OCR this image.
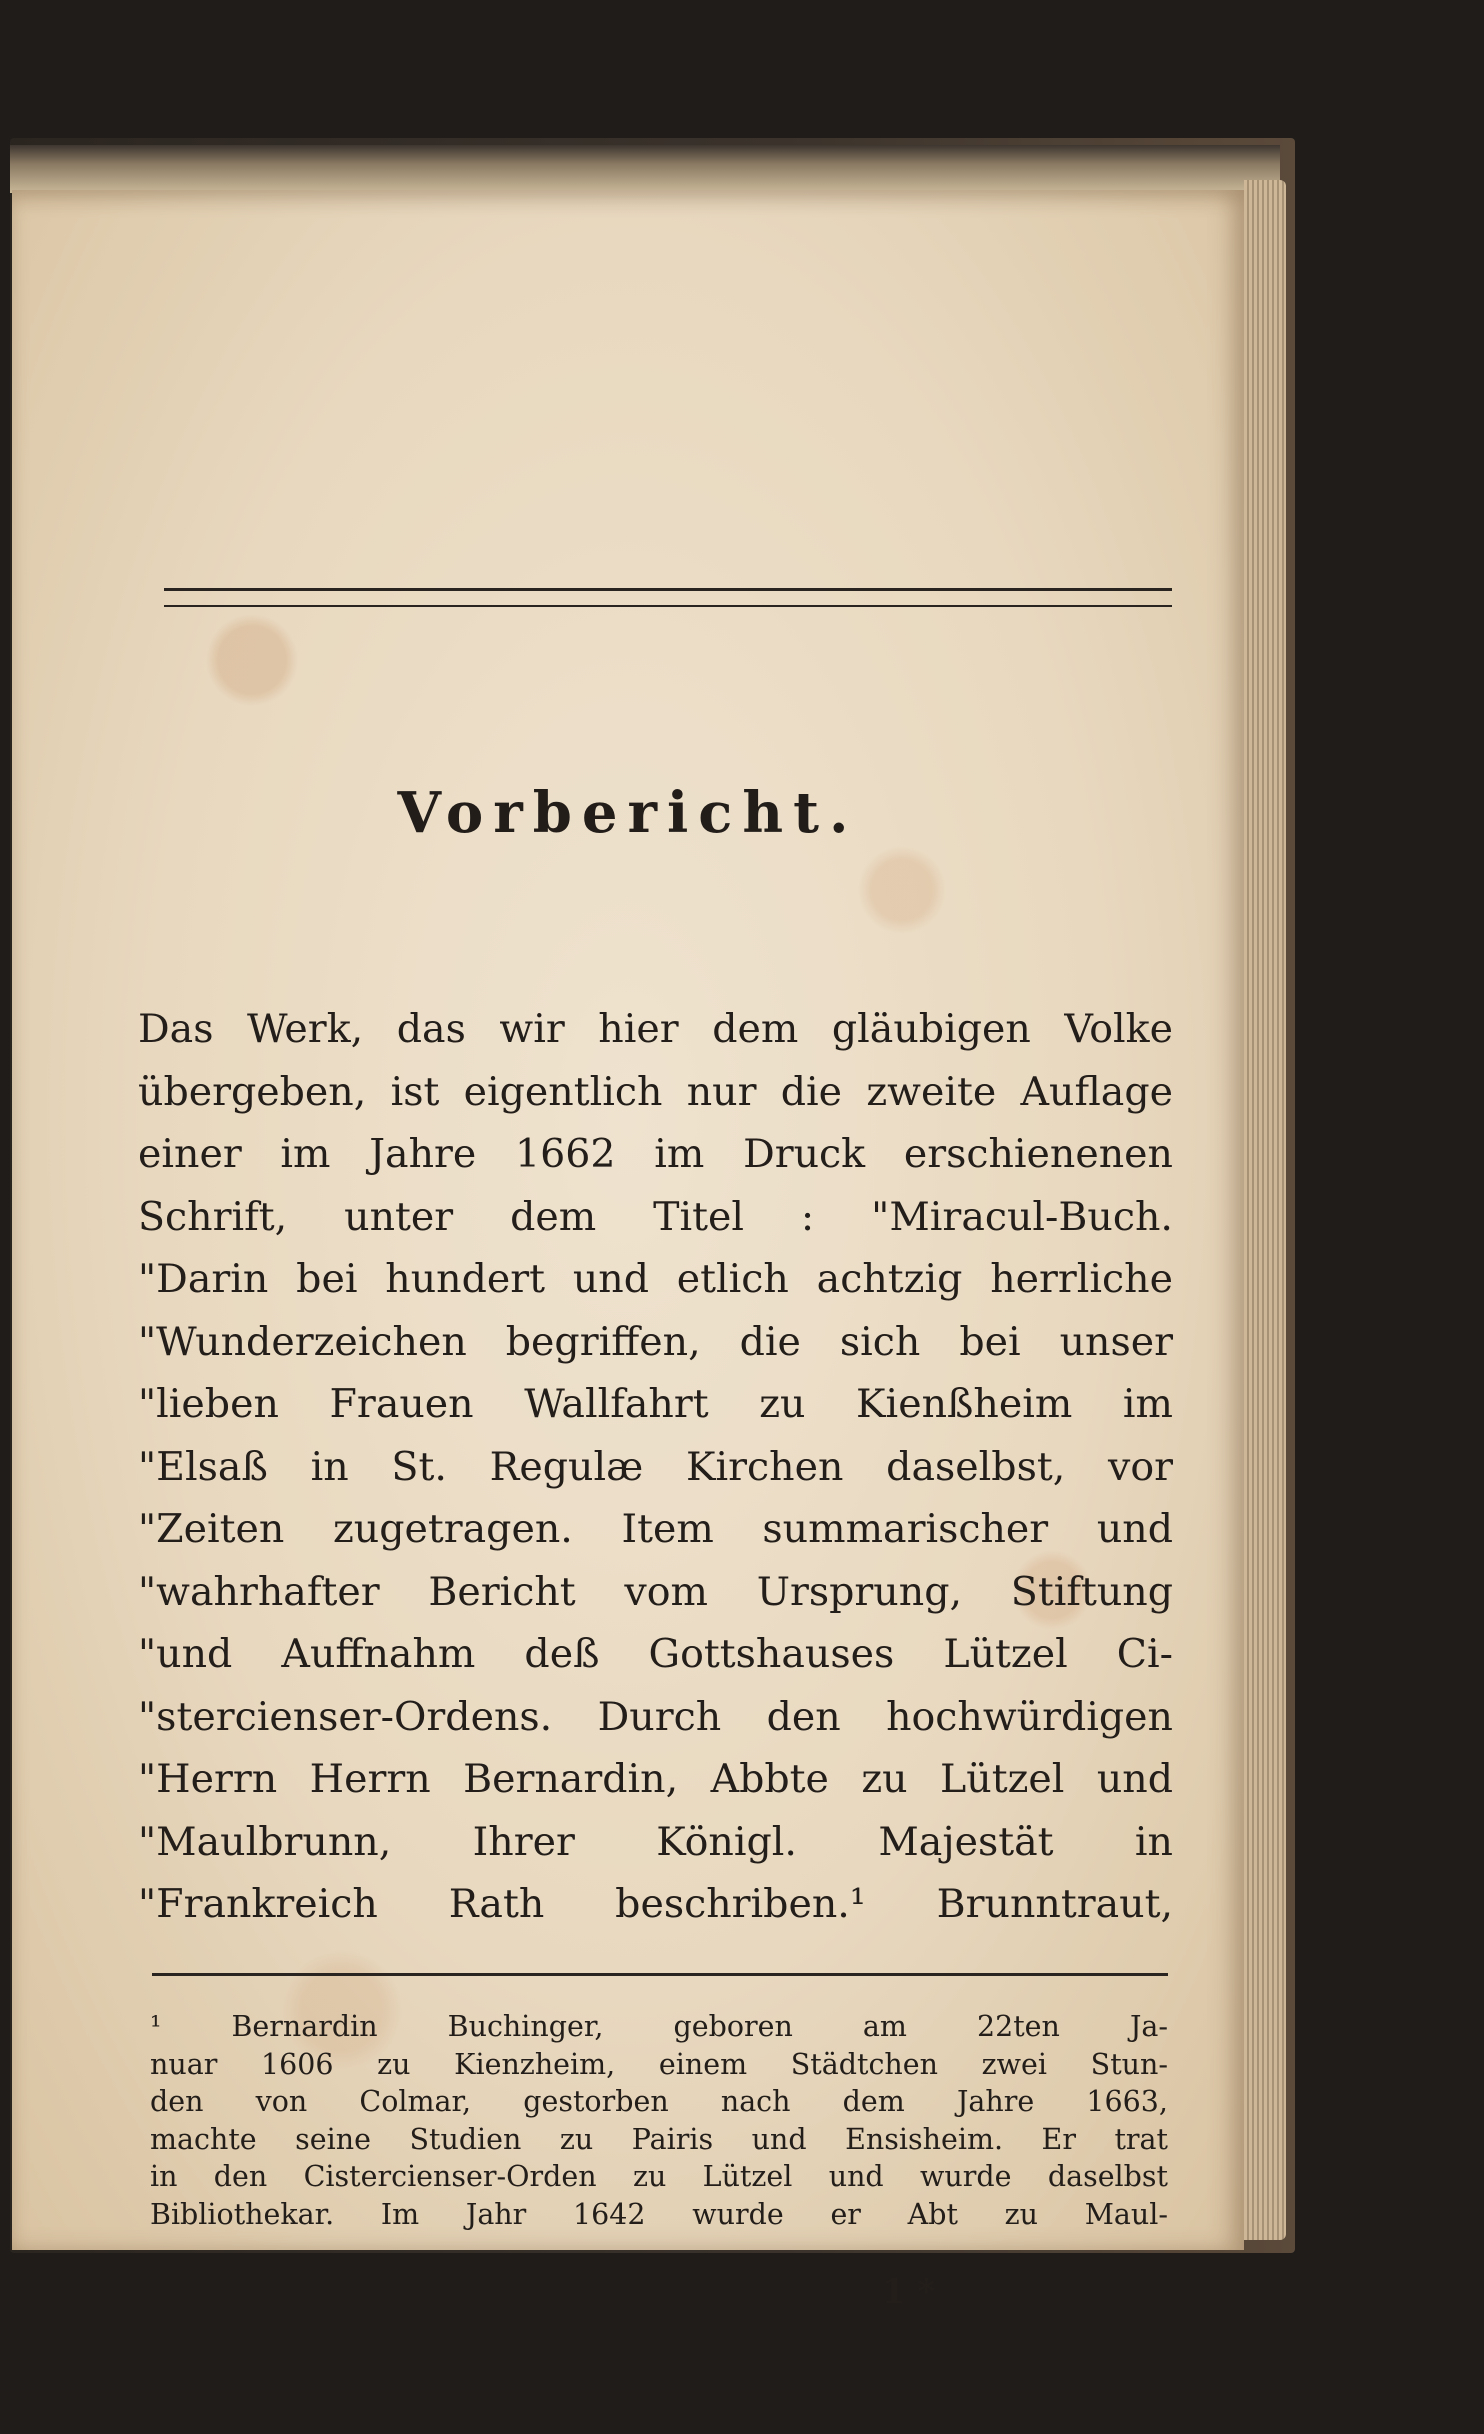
Vorbericht.

Das Werk, das wir hier dem gläubigen Volke
übergeben, ist eigentlich nur die zweite Auflage
einer im Jahre 1662 im Druck erschienenen
Schrift, unter dem Titel : "Miracul-Buch.
"Darin bei hundert und etlich achtzig herrliche
"Wunderzeichen begriffen, die sich bei unser
"lieben Frauen Wallfahrt zu Kienßheim im
"Elsaß in St. Regulæ Kirchen daselbst, vor
"Zeiten zugetragen. Item summarischer und
"wahrhafter Bericht vom Ursprung, Stiftung
"und Auffnahm deß Gottshauses Lützel Ci-
"stercienser-Ordens. Durch den hochwürdigen
"Herrn Herrn Bernardin, Abbte zu Lützel und
"Maulbrunn, Ihrer Königl. Majestät in
"Frankreich Rath beschriben.¹ Brunntraut,

¹ Bernardin Buchinger, geboren am 22ten Ja-
nuar 1606 zu Kienzheim, einem Städtchen zwei Stun-
den von Colmar, gestorben nach dem Jahre 1663,
machte seine Studien zu Pairis und Ensisheim. Er trat
in den Cistercienser-Orden zu Lützel und wurde daselbst
Bibliothekar. Im Jahr 1642 wurde er Abt zu Maul-

1 *
